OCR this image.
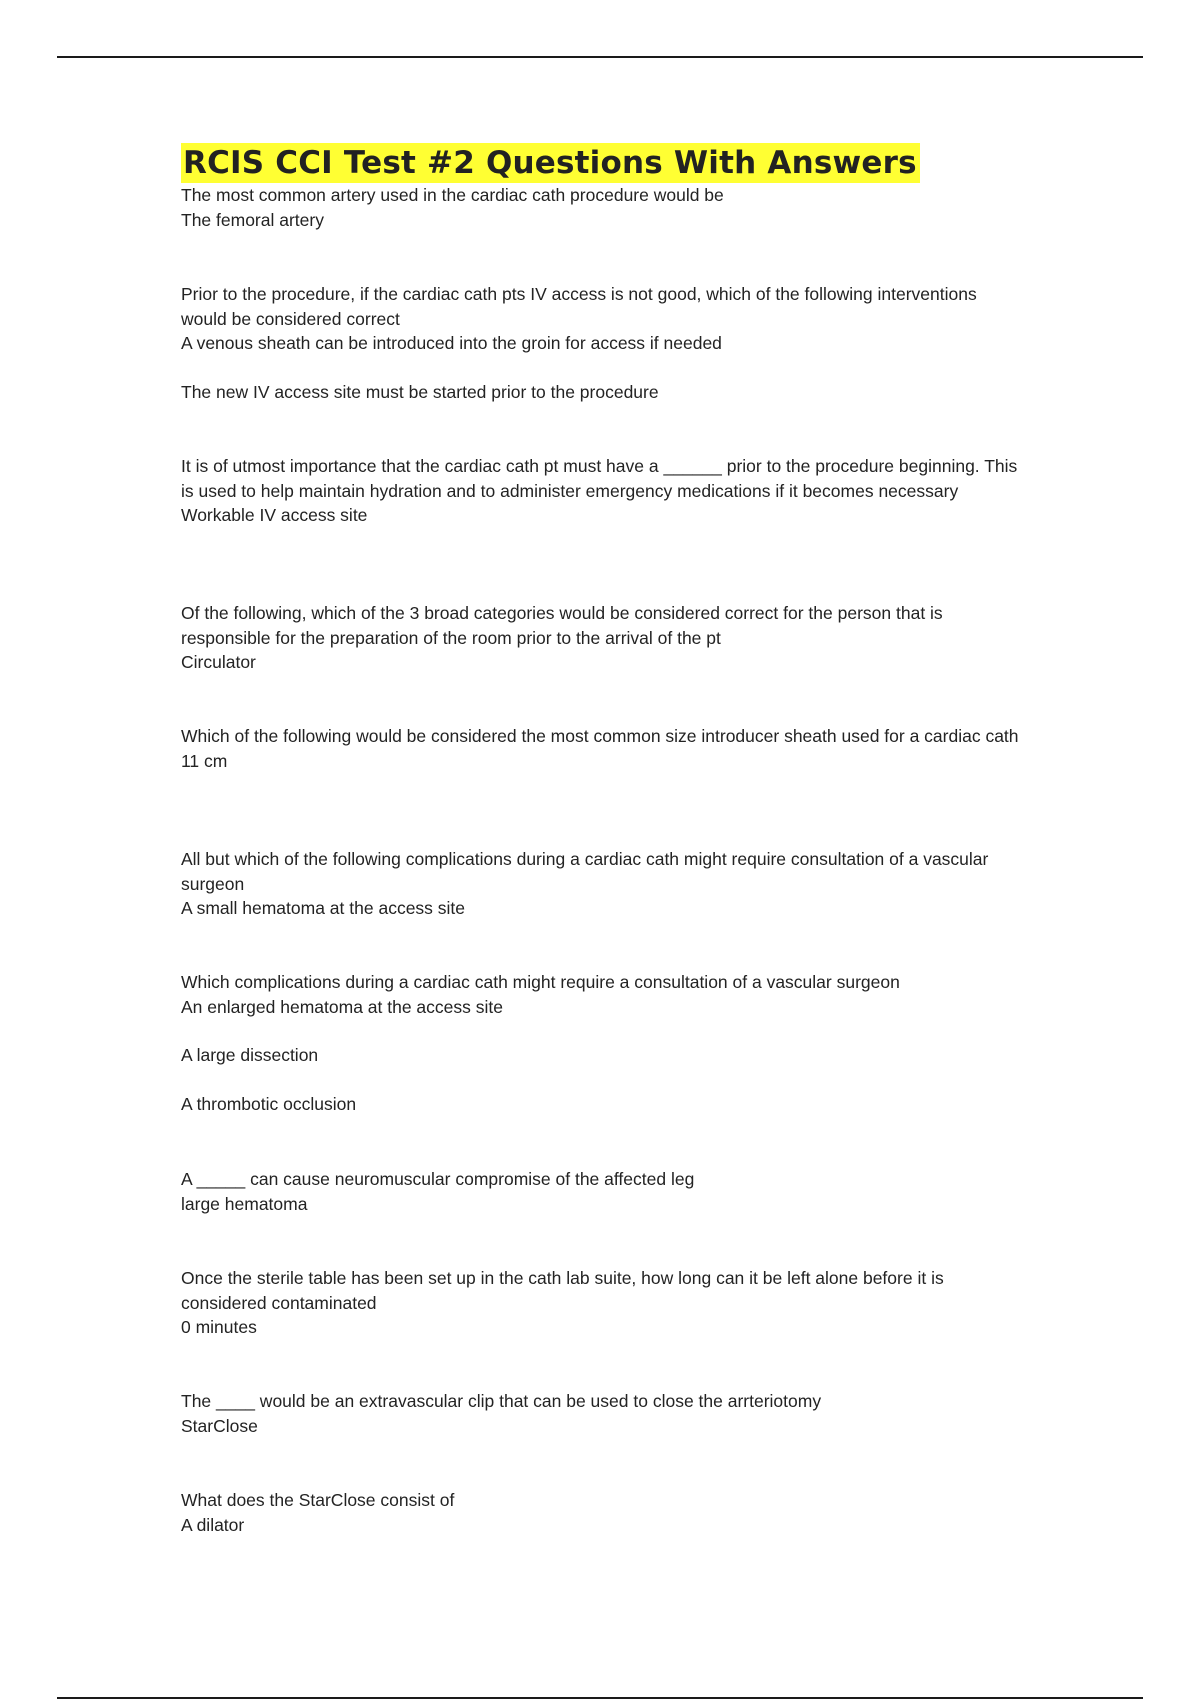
RCIS CCI Test #2 Questions With Answers

The most common artery used in the cardiac cath procedure would be

The femoral artery

Prior to the procedure, if the cardiac cath pts IV access is not good, which of the following interventions would be considered correct

A venous sheath can be introduced into the groin for access if needed

The new IV access site must be started prior to the procedure

It is of utmost importance that the cardiac cath pt must have a ______ prior to the procedure beginning. This is used to help maintain hydration and to administer emergency medications if it becomes necessary

Workable IV access site

Of the following, which of the 3 broad categories would be considered correct for the person that is responsible for the preparation of the room prior to the arrival of the pt

Circulator

Which of the following would be considered the most common size introducer sheath used for a cardiac cath

11 cm

All but which of the following complications during a cardiac cath might require consultation of a vascular surgeon

A small hematoma at the access site

Which complications during a cardiac cath might require a consultation of a vascular surgeon

An enlarged hematoma at the access site

A large dissection

A thrombotic occlusion

A _____ can cause neuromuscular compromise of the affected leg

large hematoma

Once the sterile table has been set up in the cath lab suite, how long can it be left alone before it is considered contaminated

0 minutes

The ____ would be an extravascular clip that can be used to close the arrteriotomy

StarClose

What does the StarClose consist of

A dilator
